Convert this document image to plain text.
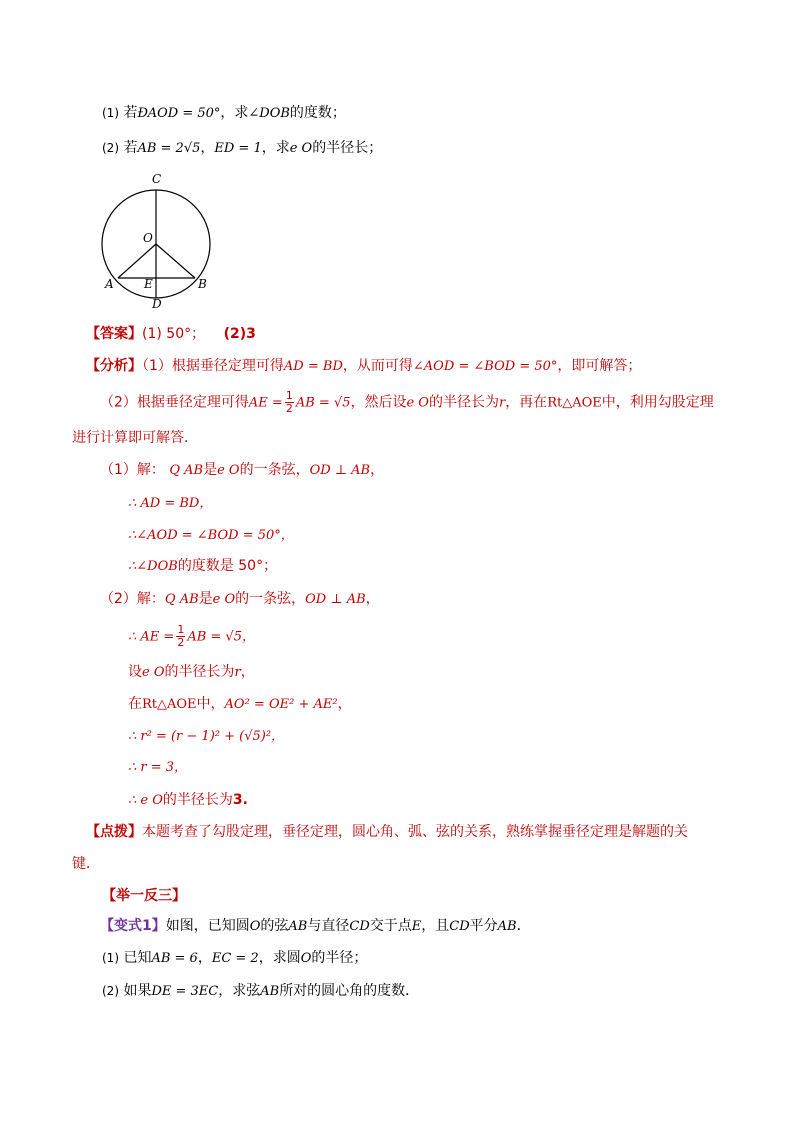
(1) 若ÐAOD = 50°，求∠DOB的度数；
(2) 若AB = 2√5，ED = 1，求e O的半径长；
C
O
A	E
D
B
【答案】(1) 50°； (2)3
【分析】（1）根据垂径定理可得AD = BD，从而可得∠AOD = ∠BOD = 50°，即可解答；
（2）根据垂径定理可得AE = $\frac{1}{2}$ AB = √5，然后设e O的半径长为r，再在Rt△AOE中，利用勾股定理
进行计算即可解答．
（1）解： Q AB是e O的一条弦，OD ⊥ AB，
∴ AD = BD，
∴∠AOD = ∠BOD = 50°，
∴∠DOB的度数是 50°；
（2）解：Q AB是e O的一条弦，OD ⊥ AB，
∴ AE = $\frac{1}{2}$ AB = √5，
设e O的半径长为r，
在Rt△AOE中，AO² = OE² + AE²，
∴ r² = (r − 1)² + (√5)²，
∴ r = 3，
∴ e O的半径长为3.
【点拨】本题考查了勾股定理，垂径定理，圆心角、弧、弦的关系，熟练掌握垂径定理是解题的关
键．
【举一反三】
【变式1】如图，已知圆O的弦AB与直径CD交于点E，且CD平分AB．
(1) 已知AB = 6，EC = 2，求圆O的半径；
(2) 如果DE = 3EC，求弦AB所对的圆心角的度数．
